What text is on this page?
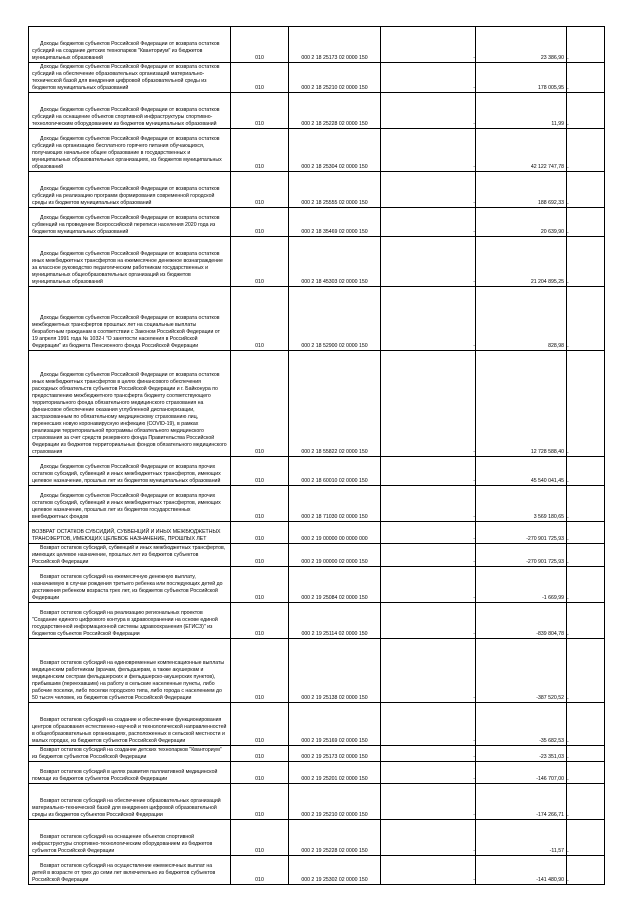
Доходы бюджетов субъектов Российской Федерации от возврата остатков субсидий на создание детских технопарков "Кванториум" из бюджетов муниципальных образований	010	000 2 18 25173 02 0000 150	-	23 386,90	-
Доходы бюджетов субъектов Российской Федерации от возврата остатков субсидий на обеспечение образовательных организаций материально-технической базой для внедрения цифровой образовательной среды из бюджетов муниципальных образований	010	000 2 18 25210 02 0000 150	-	178 005,95	-
Доходы бюджетов субъектов Российской Федерации от возврата остатков субсидий на оснащение объектов спортивной инфраструктуры спортивно-технологическим оборудованием из бюджетов муниципальных образований	010	000 2 18 25228 02 0000 150	-	11,99	-
Доходы бюджетов субъектов Российской Федерации от возврата остатков субсидий на организацию бесплатного горячего питания обучающихся, получающих начальное общее образование в государственных и муниципальных образовательных организациях, из бюджетов муниципальных образований	010	000 2 18 25304 02 0000 150	-	42 122 747,78	-
Доходы бюджетов субъектов Российской Федерации от возврата остатков субсидий на реализацию программ формирования современной городской среды из бюджетов муниципальных образований	010	000 2 18 25555 02 0000 150	-	188 692,33	-
Доходы бюджетов субъектов Российской Федерации от возврата остатков субвенций на проведение Всероссийской переписи населения 2020 года из бюджетов муниципальных образований	010	000 2 18 35469 02 0000 150	-	20 639,90	-
Доходы бюджетов субъектов Российской Федерации от возврата остатков иных межбюджетных трансфертов на ежемесячное денежное вознаграждение за классное руководство педагогическим работникам государственных и муниципальных общеобразовательных организаций из бюджетов муниципальных образований	010	000 2 18 45303 02 0000 150	-	21 204 895,25	-
Доходы бюджетов субъектов Российской Федерации от возврата остатков межбюджетных трансфертов прошлых лет на социальные выплаты безработным гражданам в соответствии с Законом Российской Федерации от 19 апреля 1991 года № 1032-I "О занятости населения в Российской Федерации" из бюджета Пенсионного фонда Российской Федерации	010	000 2 18 52900 02 0000 150	-	828,98	-
Доходы бюджетов субъектов Российской Федерации от возврата остатков иных межбюджетных трансфертов в целях финансового обеспечения расходных обязательств субъектов Российской Федерации и г. Байконура по предоставлению межбюджетного трансферта бюджету соответствующего территориального фонда обязательного медицинского страхования на финансовое обеспечение оказания углубленной диспансеризации, застрахованным по обязательному медицинскому страхованию лиц, перенесших новую коронавирусную инфекцию (COVID-19), в рамках реализации территориальной программы обязательного медицинского страхования за счет средств резервного фонда Правительства Российской Федерации из бюджетов территориальных фондов обязательного медицинского страхования	010	000 2 18 55822 02 0000 150	-	12 728 588,40	-
Доходы бюджетов субъектов Российской Федерации от возврата прочих остатков субсидий, субвенций и иных межбюджетных трансфертов, имеющих целевое назначение, прошлых лет из бюджетов муниципальных образований	010	000 2 18 60010 02 0000 150	-	45 540 041,45	-
Доходы бюджетов субъектов Российской Федерации от возврата прочих остатков субсидий, субвенций и иных межбюджетных трансфертов, имеющих целевое назначение, прошлых лет из бюджетов государственных внебюджетных фондов	010	000 2 18 71030 02 0000 150	-	3 569 180,65	-
ВОЗВРАТ ОСТАТКОВ СУБСИДИЙ, СУБВЕНЦИЙ И ИНЫХ МЕЖБЮДЖЕТНЫХ ТРАНСФЕРТОВ, ИМЕЮЩИХ ЦЕЛЕВОЕ НАЗНАЧЕНИЕ, ПРОШЛЫХ ЛЕТ	010	000 2 19 00000 00 0000 000	-	-270 901 725,93	-
Возврат остатков субсидий, субвенций и иных межбюджетных трансфертов, имеющих целевое назначение, прошлых лет из бюджетов субъектов Российской Федерации	010	000 2 19 00000 02 0000 150	-	-270 901 725,93	-
Возврат остатков субсидий на ежемесячную денежную выплату, назначаемую в случае рождения третьего ребенка или последующих детей до достижения ребенком возраста трех лет, из бюджетов субъектов Российской Федерации	010	000 2 19 25084 02 0000 150	-	-1 669,99	-
Возврат остатков субсидий на реализацию региональных проектов "Создание единого цифрового контура в здравоохранении на основе единой государственной информационной системы здравоохранения (ЕГИСЗ)" из бюджетов субъектов Российской Федерации	010	000 2 19 25114 02 0000 150	-	-839 804,78	-
Возврат остатков субсидий на единовременные компенсационные выплаты медицинским работникам (врачам, фельдшерам, а также акушеркам и медицинским сестрам фельдшерских и фельдшерско-акушерских пунктов), прибывшим (переехавшим) на работу в сельские населенные пункты, либо рабочие поселки, либо поселки городского типа, либо города с населением до 50 тысяч человек, из бюджетов субъектов Российской Федерации	010	000 2 19 25138 02 0000 150	-	-387 520,52	-
Возврат остатков субсидий на создание и обеспечение функционирования центров образования естественно-научной и технологической направленностей в общеобразовательных организациях, расположенных в сельской местности и малых городах, из бюджетов субъектов Российской Федерации	010	000 2 19 25169 02 0000 150	-	-35 682,53	-
Возврат остатков субсидий на создание детских технопарков "Кванториум" из бюджетов субъектов Российской Федерации	010	000 2 19 25173 02 0000 150	-	-23 351,03	-
Возврат остатков субсидий в целях развития паллиативной медицинской помощи из бюджетов субъектов Российской Федерации	010	000 2 19 25201 02 0000 150	-	-146 707,00	-
Возврат остатков субсидий на обеспечение образовательных организаций материально-технической базой для внедрения цифровой образовательной среды из бюджетов субъектов Российской Федерации	010	000 2 19 25210 02 0000 150	-	-174 266,71	-
Возврат остатков субсидий на оснащение объектов спортивной инфраструктуры спортивно-технологическим оборудованием из бюджетов субъектов Российской Федерации	010	000 2 19 25228 02 0000 150	-	-11,57	-
Возврат остатков субсидий на осуществление ежемесячных выплат на детей в возрасте от трех до семи лет включительно из бюджетов субъектов Российской Федерации	010	000 2 19 25302 02 0000 150	-	-141 480,90	-
